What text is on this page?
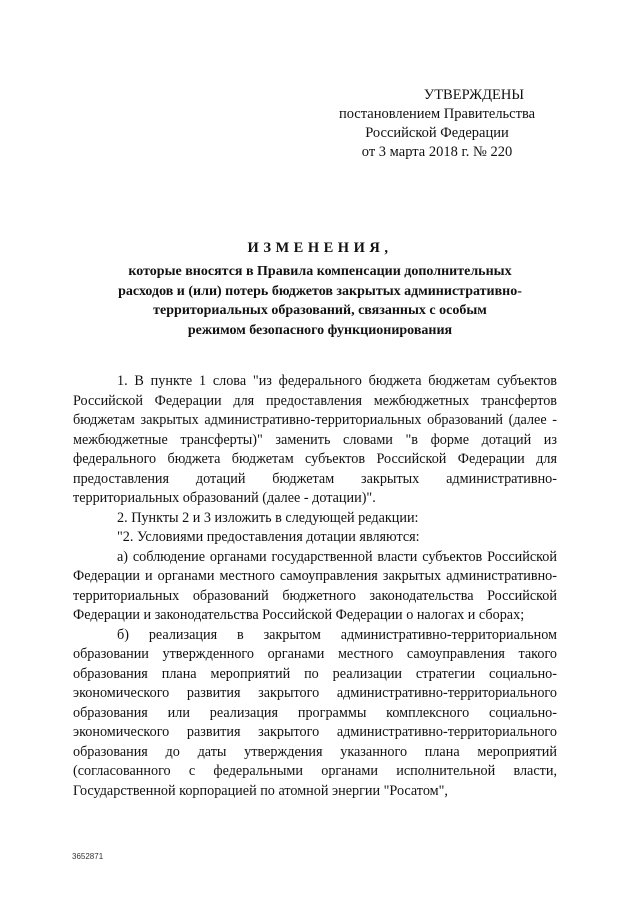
УТВЕРЖДЕНЫ
постановлением Правительства
Российской Федерации
от 3 марта 2018 г. № 220
ИЗМЕНЕНИЯ,
которые вносятся в Правила компенсации дополнительных
расходов и (или) потерь бюджетов закрытых административно-
территориальных образований, связанных с особым
режимом безопасного функционирования

1. В пункте 1 слова "из федерального бюджета бюджетам субъектов Российской Федерации для предоставления межбюджетных трансфертов бюджетам закрытых административно-территориальных образований (далее - межбюджетные трансферты)" заменить словами "в форме дотаций из федерального бюджета бюджетам субъектов Российской Федерации для предоставления дотаций бюджетам закрытых административно-территориальных образований (далее - дотации)".

2. Пункты 2 и 3 изложить в следующей редакции:

"2. Условиями предоставления дотации являются:

а) соблюдение органами государственной власти субъектов Российской Федерации и органами местного самоуправления закрытых административно-территориальных образований бюджетного законодательства Российской Федерации и законодательства Российской Федерации о налогах и сборах;

б) реализация в закрытом административно-территориальном образовании утвержденного органами местного самоуправления такого образования плана мероприятий по реализации стратегии социально-экономического развития закрытого административно-территориального образования или реализация программы комплексного социально-экономического развития закрытого административно-территориального образования до даты утверждения указанного плана мероприятий (согласованного с федеральными органами исполнительной власти, Государственной корпорацией по атомной энергии "Росатом",

3652871
